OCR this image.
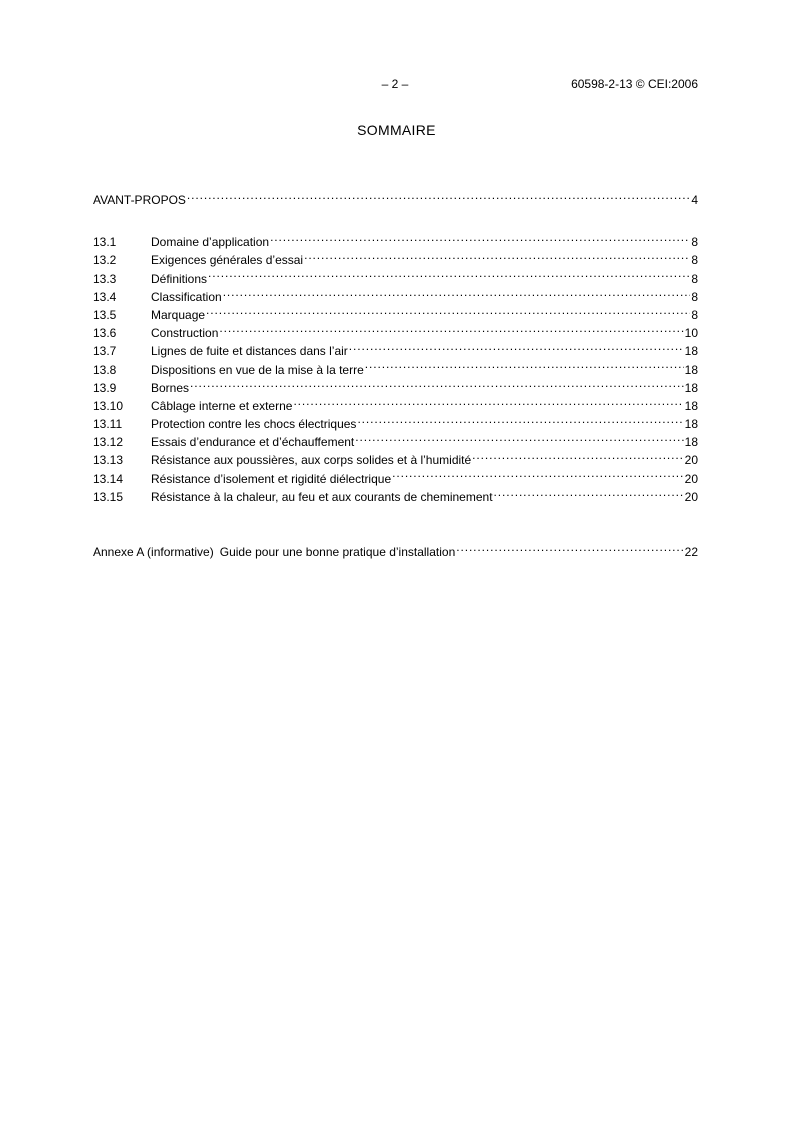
– 2 –	60598-2-13 © CEI:2006
SOMMAIRE
AVANT-PROPOS .....	4
13.1	Domaine d’application .....	8
13.2	Exigences générales d’essai .....	8
13.3	Définitions .....	8
13.4	Classification .....	8
13.5	Marquage .....	8
13.6	Construction .....	10
13.7	Lignes de fuite et distances dans l’air .....	18
13.8	Dispositions en vue de la mise à la terre .....	18
13.9	Bornes .....	18
13.10	Câblage interne et externe .....	18
13.11	Protection contre les chocs électriques .....	18
13.12	Essais d’endurance et d’échauffement .....	18
13.13	Résistance aux poussières, aux corps solides et à l’humidité .....	20
13.14	Résistance d’isolement et rigidité diélectrique .....	20
13.15	Résistance à la chaleur, au feu et aux courants de cheminement .....	20
Annexe A (informative) Guide pour une bonne pratique d’installation .....	22
